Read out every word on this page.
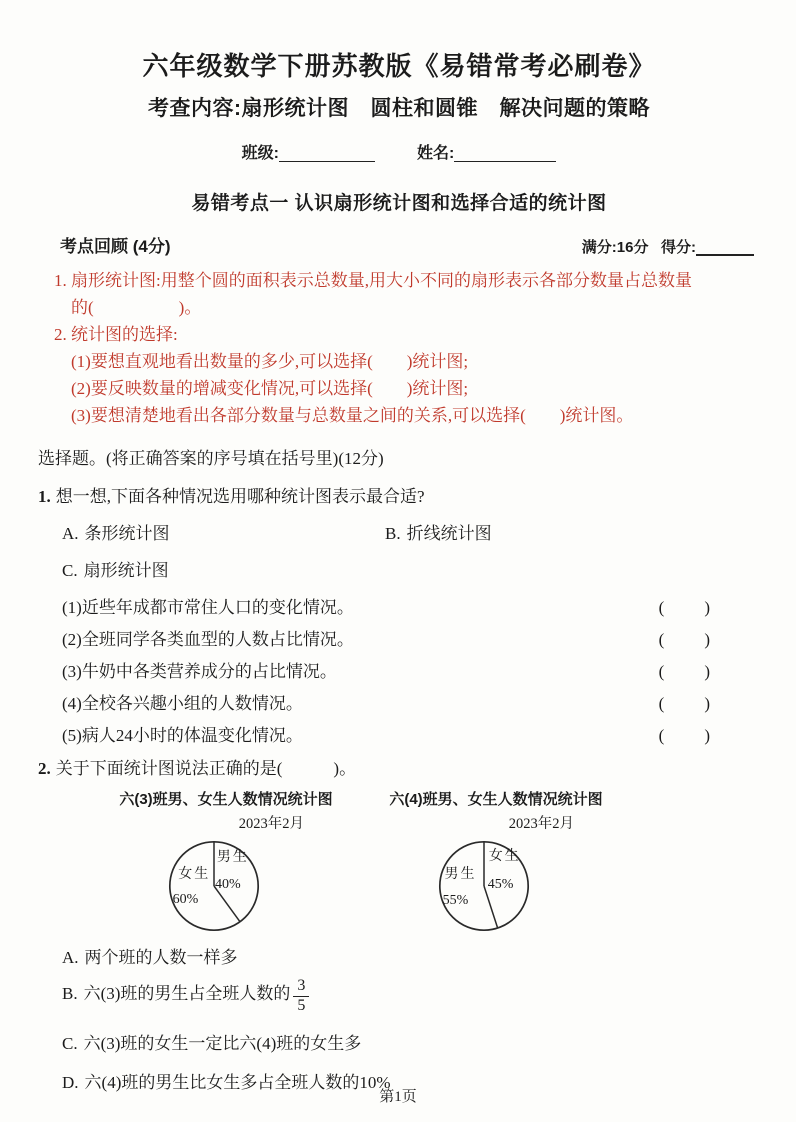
六年级数学下册苏教版《易错常考必刷卷》
考查内容:扇形统计图　圆柱和圆锥　解决问题的策略
班级:	姓名:
易错考点一 认识扇形统计图和选择合适的统计图
考点回顾 (4分)	满分:16分 得分:
1. 扇形统计图:用整个圆的面积表示总数量,用大小不同的扇形表示各部分数量占总数量
的(　　　　　)。
2. 统计图的选择:
(1)要想直观地看出数量的多少,可以选择(　　)统计图;
(2)要反映数量的增减变化情况,可以选择(　　)统计图;
(3)要想清楚地看出各部分数量与总数量之间的关系,可以选择(　　)统计图。
选择题。(将正确答案的序号填在括号里)(12分)
1. 想一想,下面各种情况选用哪种统计图表示最合适?
A. 条形统计图	B. 折线统计图
C. 扇形统计图
(1)近些年成都市常住人口的变化情况。	(　　)
(2)全班同学各类血型的人数占比情况。	(　　)
(3)牛奶中各类营养成分的占比情况。	(　　)
(4)全校各兴趣小组的人数情况。	(　　)
(5)病人24小时的体温变化情况。	(　　)
2. 关于下面统计图说法正确的是(　　　)。
六(3)班男、女生人数情况统计图
2023年2月
男生
40%
女生
60%
六(4)班男、女生人数情况统计图
2023年2月
女生
45%
男生
55%
A. 两个班的人数一样多
B. 六(3)班的男生占全班人数的 $\frac{3}{5}$
C. 六(3)班的女生一定比六(4)班的女生多
D. 六(4)班的男生比女生多占全班人数的10%
第1页
